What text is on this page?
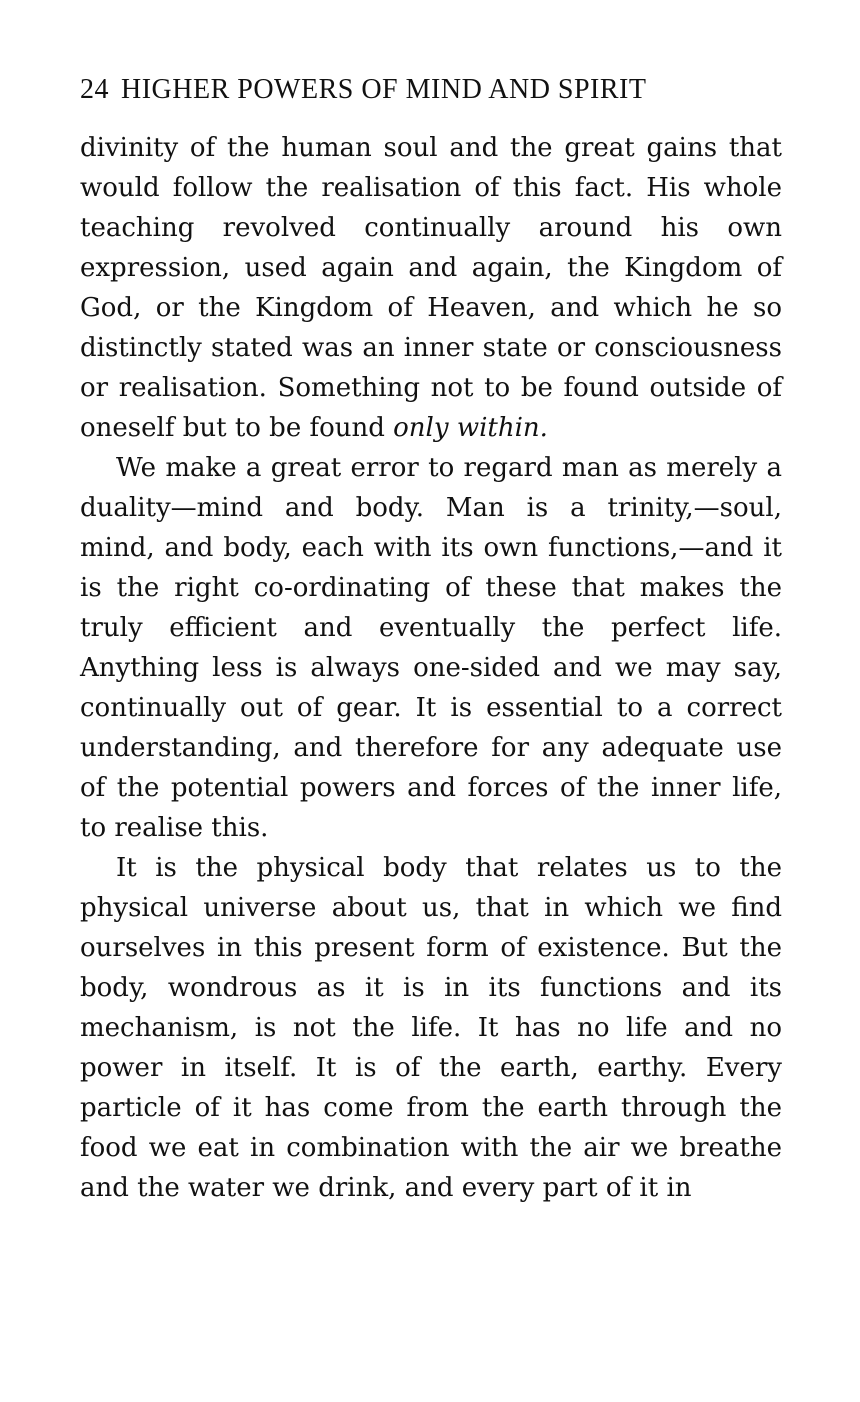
24 HIGHER POWERS OF MIND AND SPIRIT

divinity of the human soul and the great gains that would follow the realisation of this fact. His whole teaching revolved continually around his own expression, used again and again, the Kingdom of God, or the Kingdom of Heaven, and which he so distinctly stated was an inner state or consciousness or realisation. Something not to be found outside of oneself but to be found only within.

We make a great error to regard man as merely a duality—mind and body. Man is a trinity,—soul, mind, and body, each with its own functions,—and it is the right co-ordinating of these that makes the truly efficient and eventually the perfect life. Anything less is always one-sided and we may say, continually out of gear. It is essential to a correct understanding, and therefore for any adequate use of the potential powers and forces of the inner life, to realise this.

It is the physical body that relates us to the physical universe about us, that in which we find ourselves in this present form of existence. But the body, wondrous as it is in its functions and its mechanism, is not the life. It has no life and no power in itself. It is of the earth, earthy. Every particle of it has come from the earth through the food we eat in combination with the air we breathe and the water we drink, and every part of it in
